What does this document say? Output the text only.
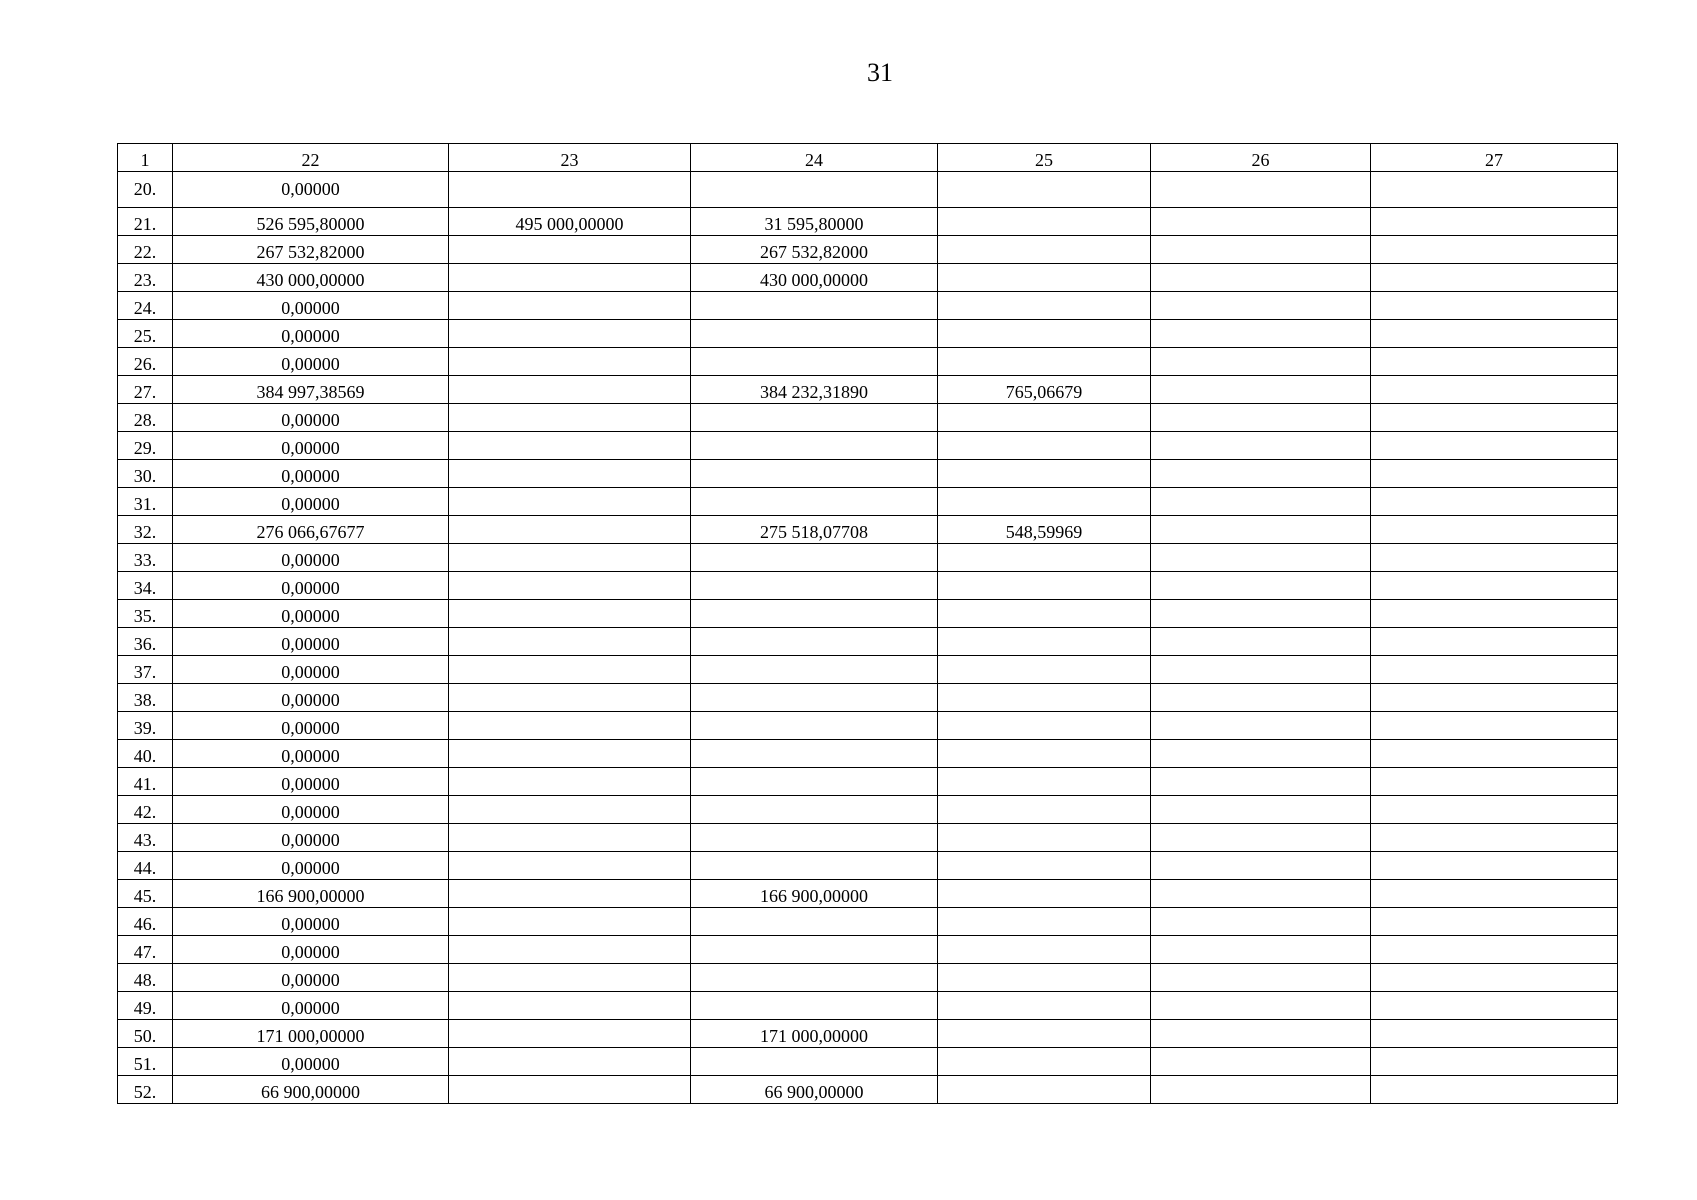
31
1	22	23	24	25	26	27
20.	0,00000					
21.	526 595,80000	495 000,00000	31 595,80000			
22.	267 532,82000		267 532,82000			
23.	430 000,00000		430 000,00000			
24.	0,00000					
25.	0,00000					
26.	0,00000					
27.	384 997,38569		384 232,31890	765,06679		
28.	0,00000					
29.	0,00000					
30.	0,00000					
31.	0,00000					
32.	276 066,67677		275 518,07708	548,59969		
33.	0,00000					
34.	0,00000					
35.	0,00000					
36.	0,00000					
37.	0,00000					
38.	0,00000					
39.	0,00000					
40.	0,00000					
41.	0,00000					
42.	0,00000					
43.	0,00000					
44.	0,00000					
45.	166 900,00000		166 900,00000			
46.	0,00000					
47.	0,00000					
48.	0,00000					
49.	0,00000					
50.	171 000,00000		171 000,00000			
51.	0,00000					
52.	66 900,00000		66 900,00000			
